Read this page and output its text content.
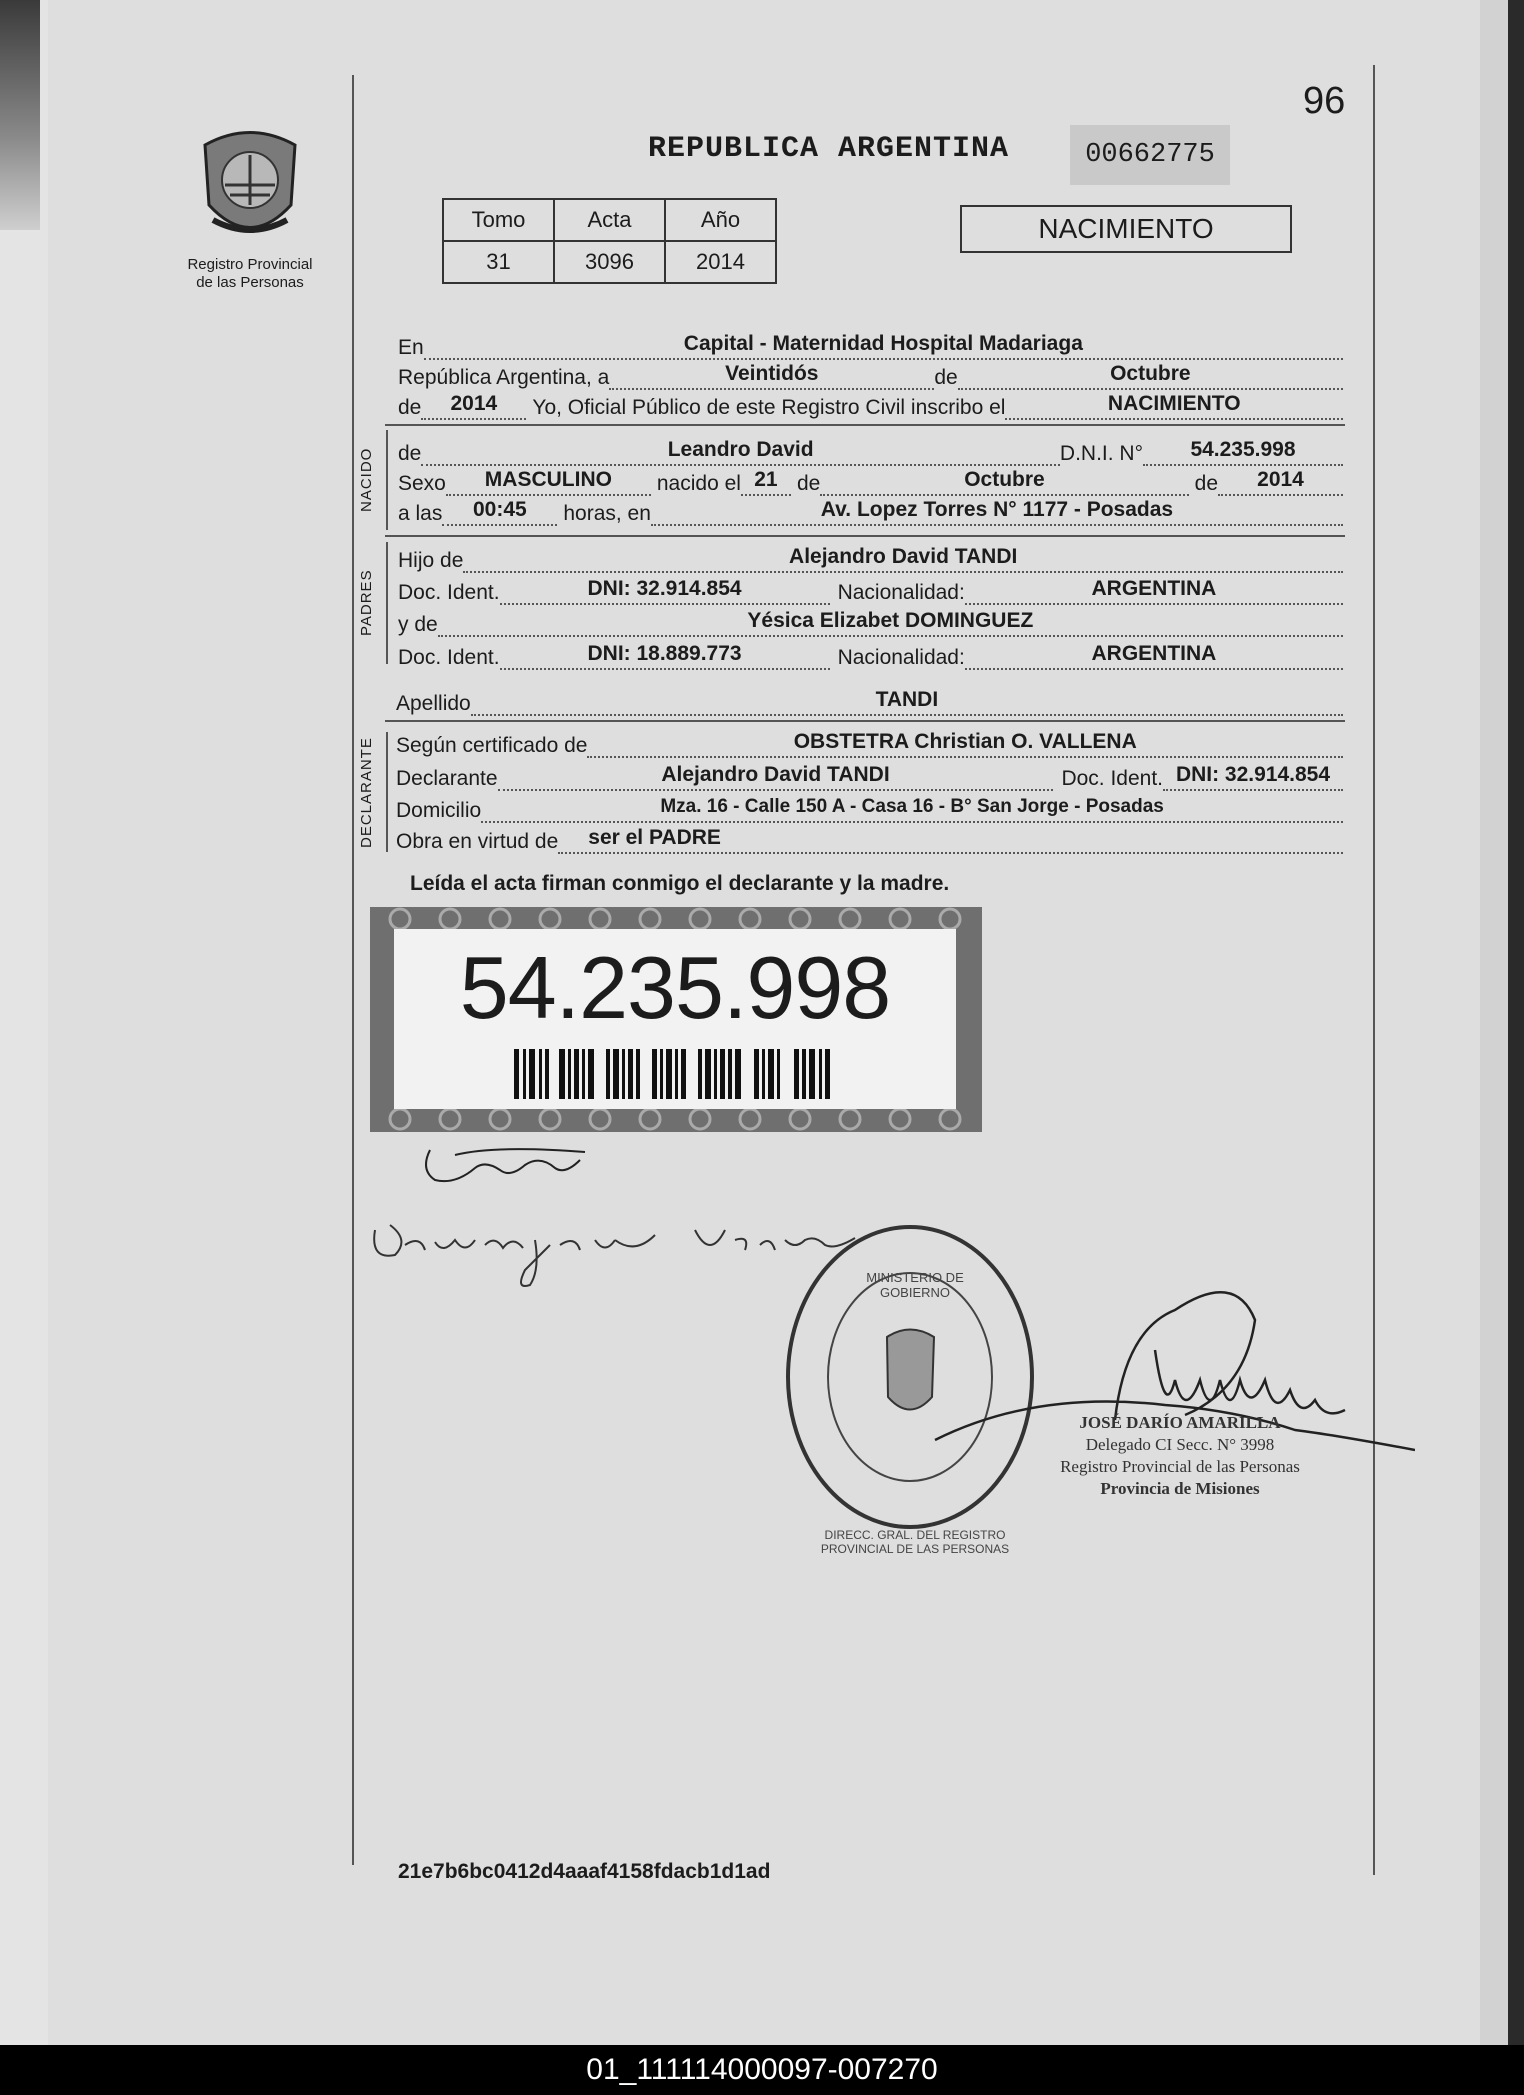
96
Registro Provincial
de las Personas
REPUBLICA ARGENTINA	00662775
Tomo	Acta	Año
31	3096	2014
NACIMIENTO
En	Capital - Maternidad Hospital Madariaga
República Argentina, a	Veintidós	de	Octubre
de	2014	Yo, Oficial Público de este Registro Civil inscribo el	NACIMIENTO
NACIDO de	Leandro David	D.N.I. N°	54.235.998
Sexo	MASCULINO	nacido el 21 de	Octubre	de	2014
a las	00:45	horas, en	Av. Lopez Torres N° 1177 - Posadas
PADRES
Hijo de	Alejandro David TANDI
Doc. Ident.	DNI: 32.914.854	Nacionalidad:	ARGENTINA
y de	Yésica Elizabet DOMINGUEZ
Doc. Ident.	DNI: 18.889.773	Nacionalidad:	ARGENTINA
Apellido	TANDI
DECLARANTE Según certificado de	OBSTETRA Christian O. VALLENA
Declarante	Alejandro David TANDI	Doc. Ident. DNI: 32.914.854
Domicilio	Mza. 16 - Calle 150 A - Casa 16 - B° San Jorge - Posadas
Obra en virtud de	ser el PADRE
Leída el acta firman conmigo el declarante y la madre.
54.235.998
DIRECC. GRAL. DEL REGISTRO PROVINCIAL DE LAS PERSONAS
MINISTERIO DE GOBIERNO
JOSÉ DARÍO AMARILLA
Delegado CI Secc. N° 3998
Registro Provincial de las Personas
Provincia de Misiones
21e7b6bc0412d4aaaf4158fdacb1d1ad
01_111114000097-007270
